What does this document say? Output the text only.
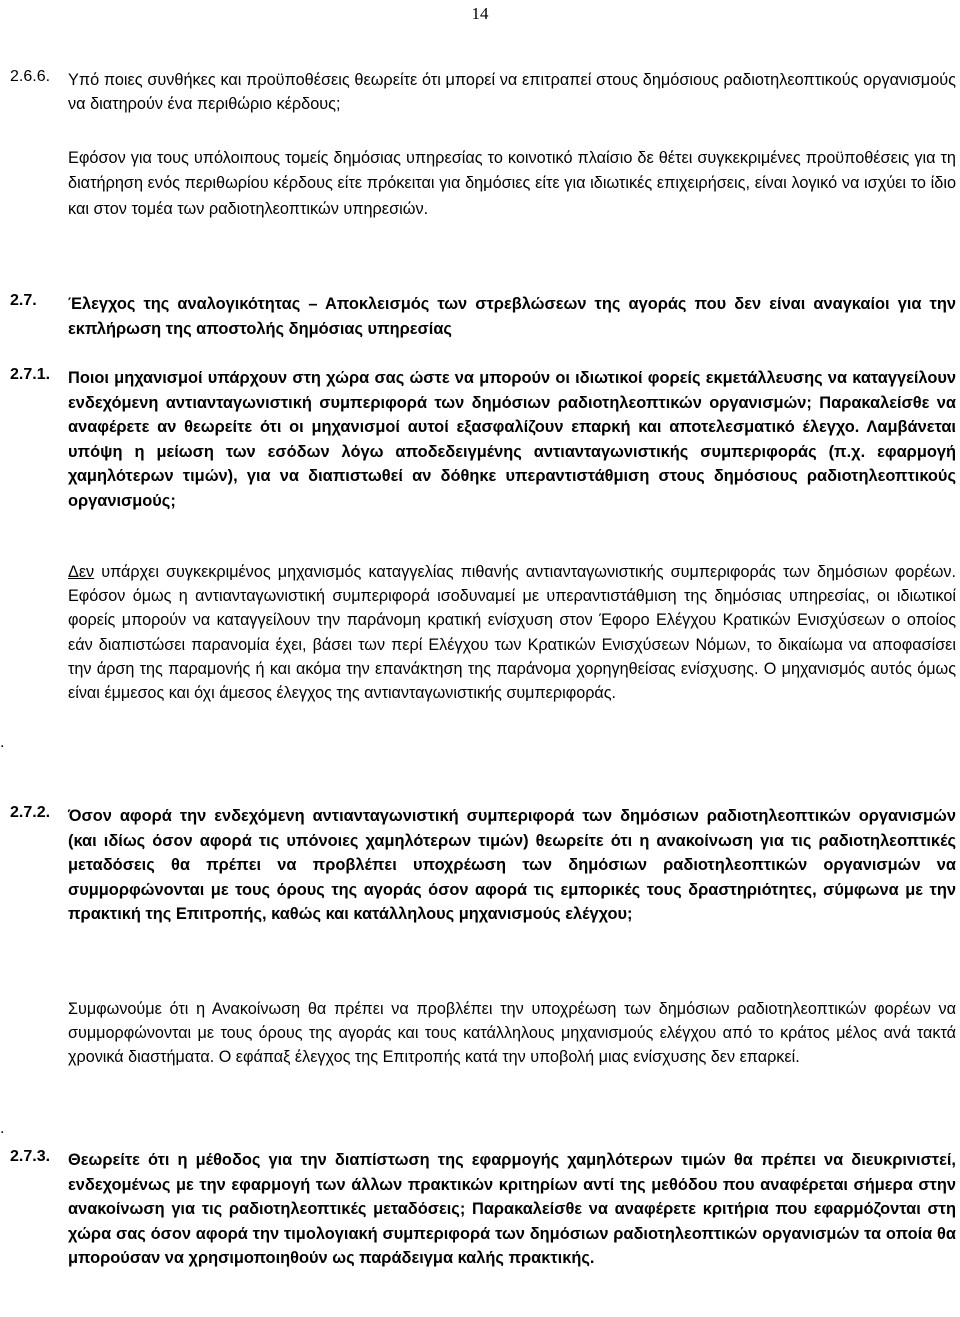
14
2.6.6. Υπό ποιες συνθήκες και προϋποθέσεις θεωρείτε ότι μπορεί να επιτραπεί στους δημόσιους ραδιοτηλεοπτικούς οργανισμούς να διατηρούν ένα περιθώριο κέρδους;
Εφόσον για τους υπόλοιπους τομείς δημόσιας υπηρεσίας το κοινοτικό πλαίσιο δε θέτει συγκεκριμένες προϋποθέσεις για τη διατήρηση ενός περιθωρίου κέρδους είτε πρόκειται για δημόσιες είτε για ιδιωτικές επιχειρήσεις, είναι λογικό να ισχύει το ίδιο και στον τομέα των ραδιοτηλεοπτικών υπηρεσιών.
2.7. Έλεγχος της αναλογικότητας – Αποκλεισμός των στρεβλώσεων της αγοράς που δεν είναι αναγκαίοι για την εκπλήρωση της αποστολής δημόσιας υπηρεσίας
2.7.1. Ποιοι μηχανισμοί υπάρχουν στη χώρα σας ώστε να μπορούν οι ιδιωτικοί φορείς εκμετάλλευσης να καταγγείλουν ενδεχόμενη αντιανταγωνιστική συμπεριφορά των δημόσιων ραδιοτηλεοπτικών οργανισμών; Παρακαλείσθε να αναφέρετε αν θεωρείτε ότι οι μηχανισμοί αυτοί εξασφαλίζουν επαρκή και αποτελεσματικό έλεγχο. Λαμβάνεται υπόψη η μείωση των εσόδων λόγω αποδεδειγμένης αντιανταγωνιστικής συμπεριφοράς (π.χ. εφαρμογή χαμηλότερων τιμών), για να διαπιστωθεί αν δόθηκε υπεραντιστάθμιση στους δημόσιους ραδιοτηλεοπτικούς οργανισμούς;
Δεν υπάρχει συγκεκριμένος μηχανισμός καταγγελίας πιθανής αντιανταγωνιστικής συμπεριφοράς των δημόσιων φορέων. Εφόσον όμως η αντιανταγωνιστική συμπεριφορά ισοδυναμεί με υπεραντιστάθμιση της δημόσιας υπηρεσίας, οι ιδιωτικοί φορείς μπορούν να καταγγείλουν την παράνομη κρατική ενίσχυση στον Έφορο Ελέγχου Κρατικών Ενισχύσεων ο οποίος εάν διαπιστώσει παρανομία έχει, βάσει των περί Ελέγχου των Κρατικών Ενισχύσεων Νόμων, το δικαίωμα να αποφασίσει την άρση της παραμονής ή και ακόμα την επανάκτηση της παράνομα χορηγηθείσας ενίσχυσης. Ο μηχανισμός αυτός όμως είναι έμμεσος και όχι άμεσος έλεγχος της αντιανταγωνιστικής συμπεριφοράς.
.
2.7.2. Όσον αφορά την ενδεχόμενη αντιανταγωνιστική συμπεριφορά των δημόσιων ραδιοτηλεοπτικών οργανισμών (και ιδίως όσον αφορά τις υπόνοιες χαμηλότερων τιμών) θεωρείτε ότι η ανακοίνωση για τις ραδιοτηλεοπτικές μεταδόσεις θα πρέπει να προβλέπει υποχρέωση των δημόσιων ραδιοτηλεοπτικών οργανισμών να συμμορφώνονται με τους όρους της αγοράς όσον αφορά τις εμπορικές τους δραστηριότητες, σύμφωνα με την πρακτική της Επιτροπής, καθώς και κατάλληλους μηχανισμούς ελέγχου;
Συμφωνούμε ότι η Ανακοίνωση θα πρέπει να προβλέπει την υποχρέωση των δημόσιων ραδιοτηλεοπτικών φορέων να συμμορφώνονται με τους όρους της αγοράς και τους κατάλληλους μηχανισμούς ελέγχου από το κράτος μέλος ανά τακτά χρονικά διαστήματα. Ο εφάπαξ έλεγχος της Επιτροπής κατά την υποβολή μιας ενίσχυσης δεν επαρκεί.
.
2.7.3. Θεωρείτε ότι η μέθοδος για την διαπίστωση της εφαρμογής χαμηλότερων τιμών θα πρέπει να διευκρινιστεί, ενδεχομένως με την εφαρμογή των άλλων πρακτικών κριτηρίων αντί της μεθόδου που αναφέρεται σήμερα στην ανακοίνωση για τις ραδιοτηλεοπτικές μεταδόσεις; Παρακαλείσθε να αναφέρετε κριτήρια που εφαρμόζονται στη χώρα σας όσον αφορά την τιμολογιακή συμπεριφορά των δημόσιων ραδιοτηλεοπτικών οργανισμών τα οποία θα μπορούσαν να χρησιμοποιηθούν ως παράδειγμα καλής πρακτικής.
